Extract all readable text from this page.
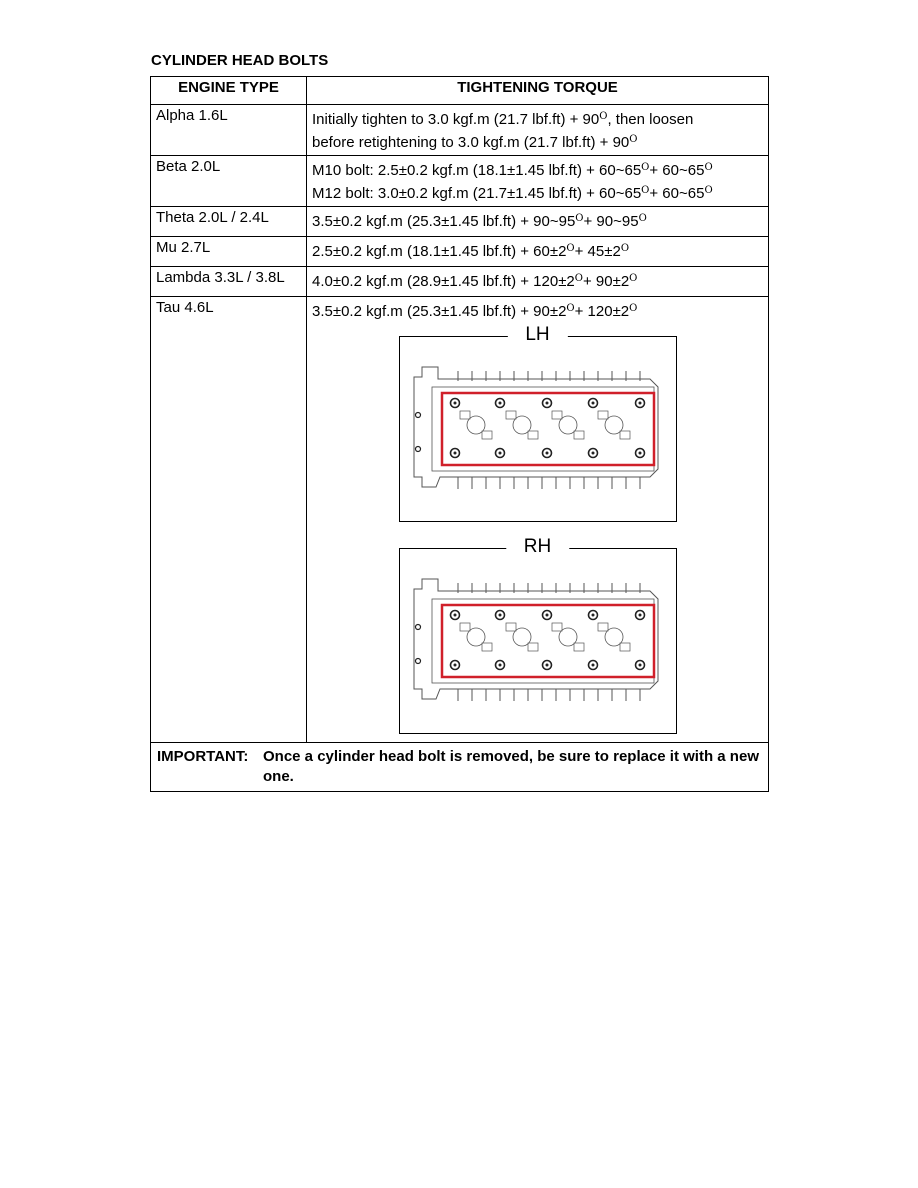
CYLINDER HEAD BOLTS
ENGINE TYPE	TIGHTENING TORQUE
Alpha 1.6L	Initially tighten to 3.0 kgf.m (21.7 $lbf.ft) + 90^O$, then loosen
before retightening to 3.0 kgf.m (21.7 $lbf.ft) + 90^O$

Beta 2.0L	M10 bolt: 2.5±0.2 kgf.m (18.1±1.45 $lbf.ft) + 60\sim 65^O+$ $60\sim 65^O$
M12 bolt: 3.0±0.2 kgf.m (21.7±1.45 $lbf.ft) + 60\sim 65^O+$ $60\sim 65^O$

Theta 2.0L / 2.4L	3.5±0.2 kgf.m (25.3±1.45 $lbf.ft) + 90\sim 95^O+$ $90\sim 95^O$
Mu 2.7L	2.5±0.2 kgf.m (18.1±1.45 $lbf.ft) + 60\pm 2^O+ 45\pm 2^O$
Lambda 3.3L / 3.8L	4.0±0.2 kgf.m (28.9±1.45 $lbf.ft) + 120\pm 2^O+ 90\pm 2^O$
Tau 4.6L	3.5±0.2 kgf.m (25.3±1.45 $lbf.ft) + 90\pm 2^O+ 120\pm 2^O$
LH
RH

IMPORTANT: Once a cylinder head bolt is removed, be sure to replace it with a new one.	
